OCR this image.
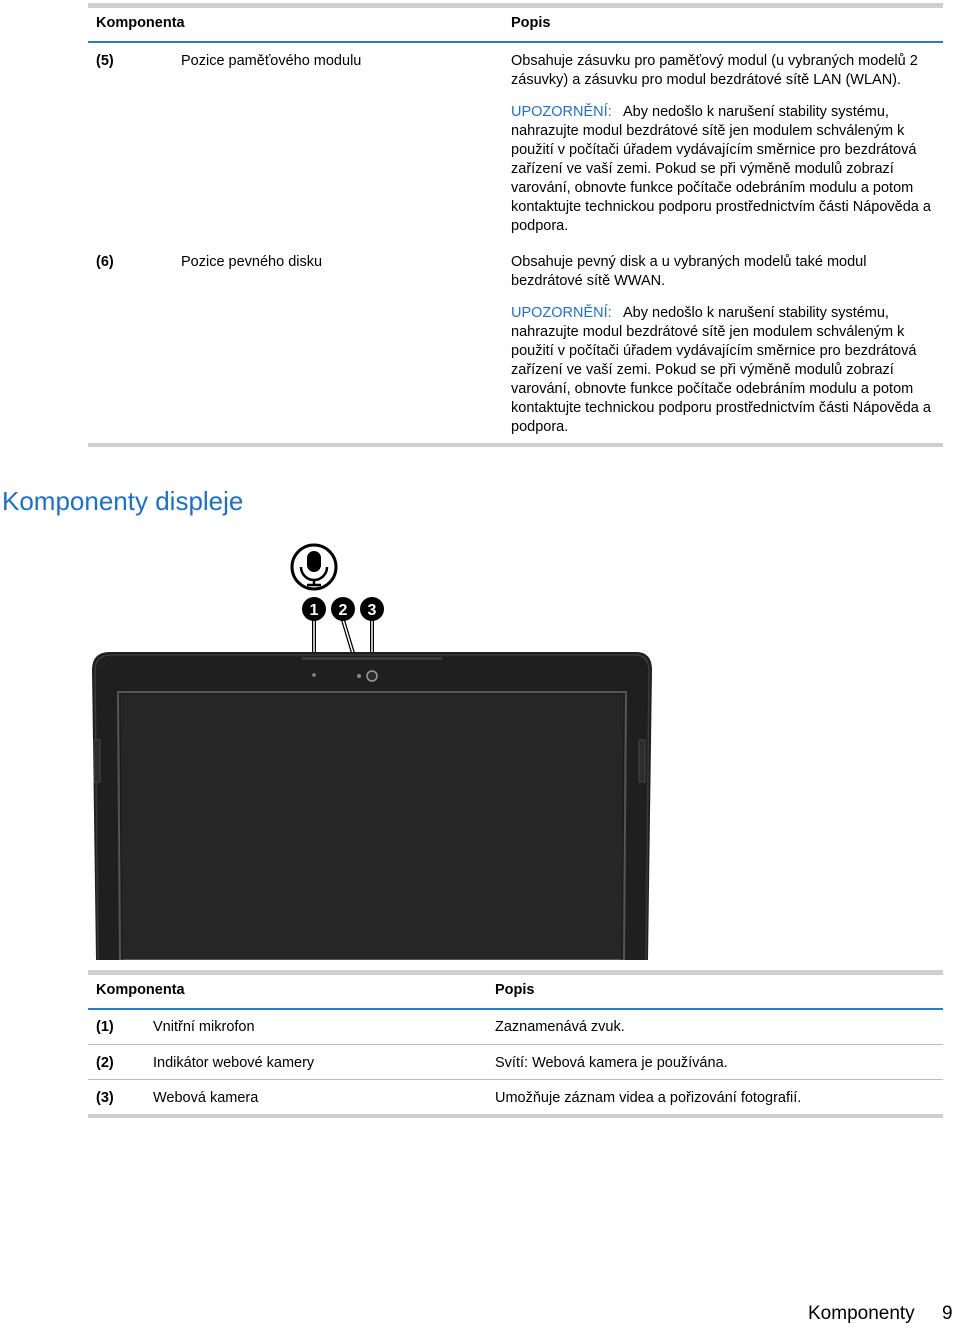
Komponenta	Popis
(5)	Pozice paměťového modulu	Obsahuje zásuvku pro paměťový modul (u vybraných modelů 2 zásuvky) a zásuvku pro modul bezdrátové sítě LAN (WLAN).

UPOZORNĚNÍ: Aby nedošlo k narušení stability systému, nahrazujte modul bezdrátové sítě jen modulem schváleným k použití v počítači úřadem vydávajícím směrnice pro bezdrátová zařízení ve vaší zemi. Pokud se při výměně modulů zobrazí varování, obnovte funkce počítače odebráním modulu a potom kontaktujte technickou podporu prostřednictvím části Nápověda a podpora.

(6)	Pozice pevného disku	Obsahuje pevný disk a u vybraných modelů také modul bezdrátové sítě WWAN.

UPOZORNĚNÍ: Aby nedošlo k narušení stability systému, nahrazujte modul bezdrátové sítě jen modulem schváleným k použití v počítači úřadem vydávajícím směrnice pro bezdrátová zařízení ve vaší zemi. Pokud se při výměně modulů zobrazí varování, obnovte funkce počítače odebráním modulu a potom kontaktujte technickou podporu prostřednictvím části Nápověda a podpora.

Komponenty displeje
1 2 3
Komponenta	Popis
(1)	Vnitřní mikrofon	Zaznamenává zvuk.
(2)	Indikátor webové kamery	Svítí: Webová kamera je používána.
(3)	Webová kamera	Umožňuje záznam videa a pořizování fotografií.
Komponenty 9
